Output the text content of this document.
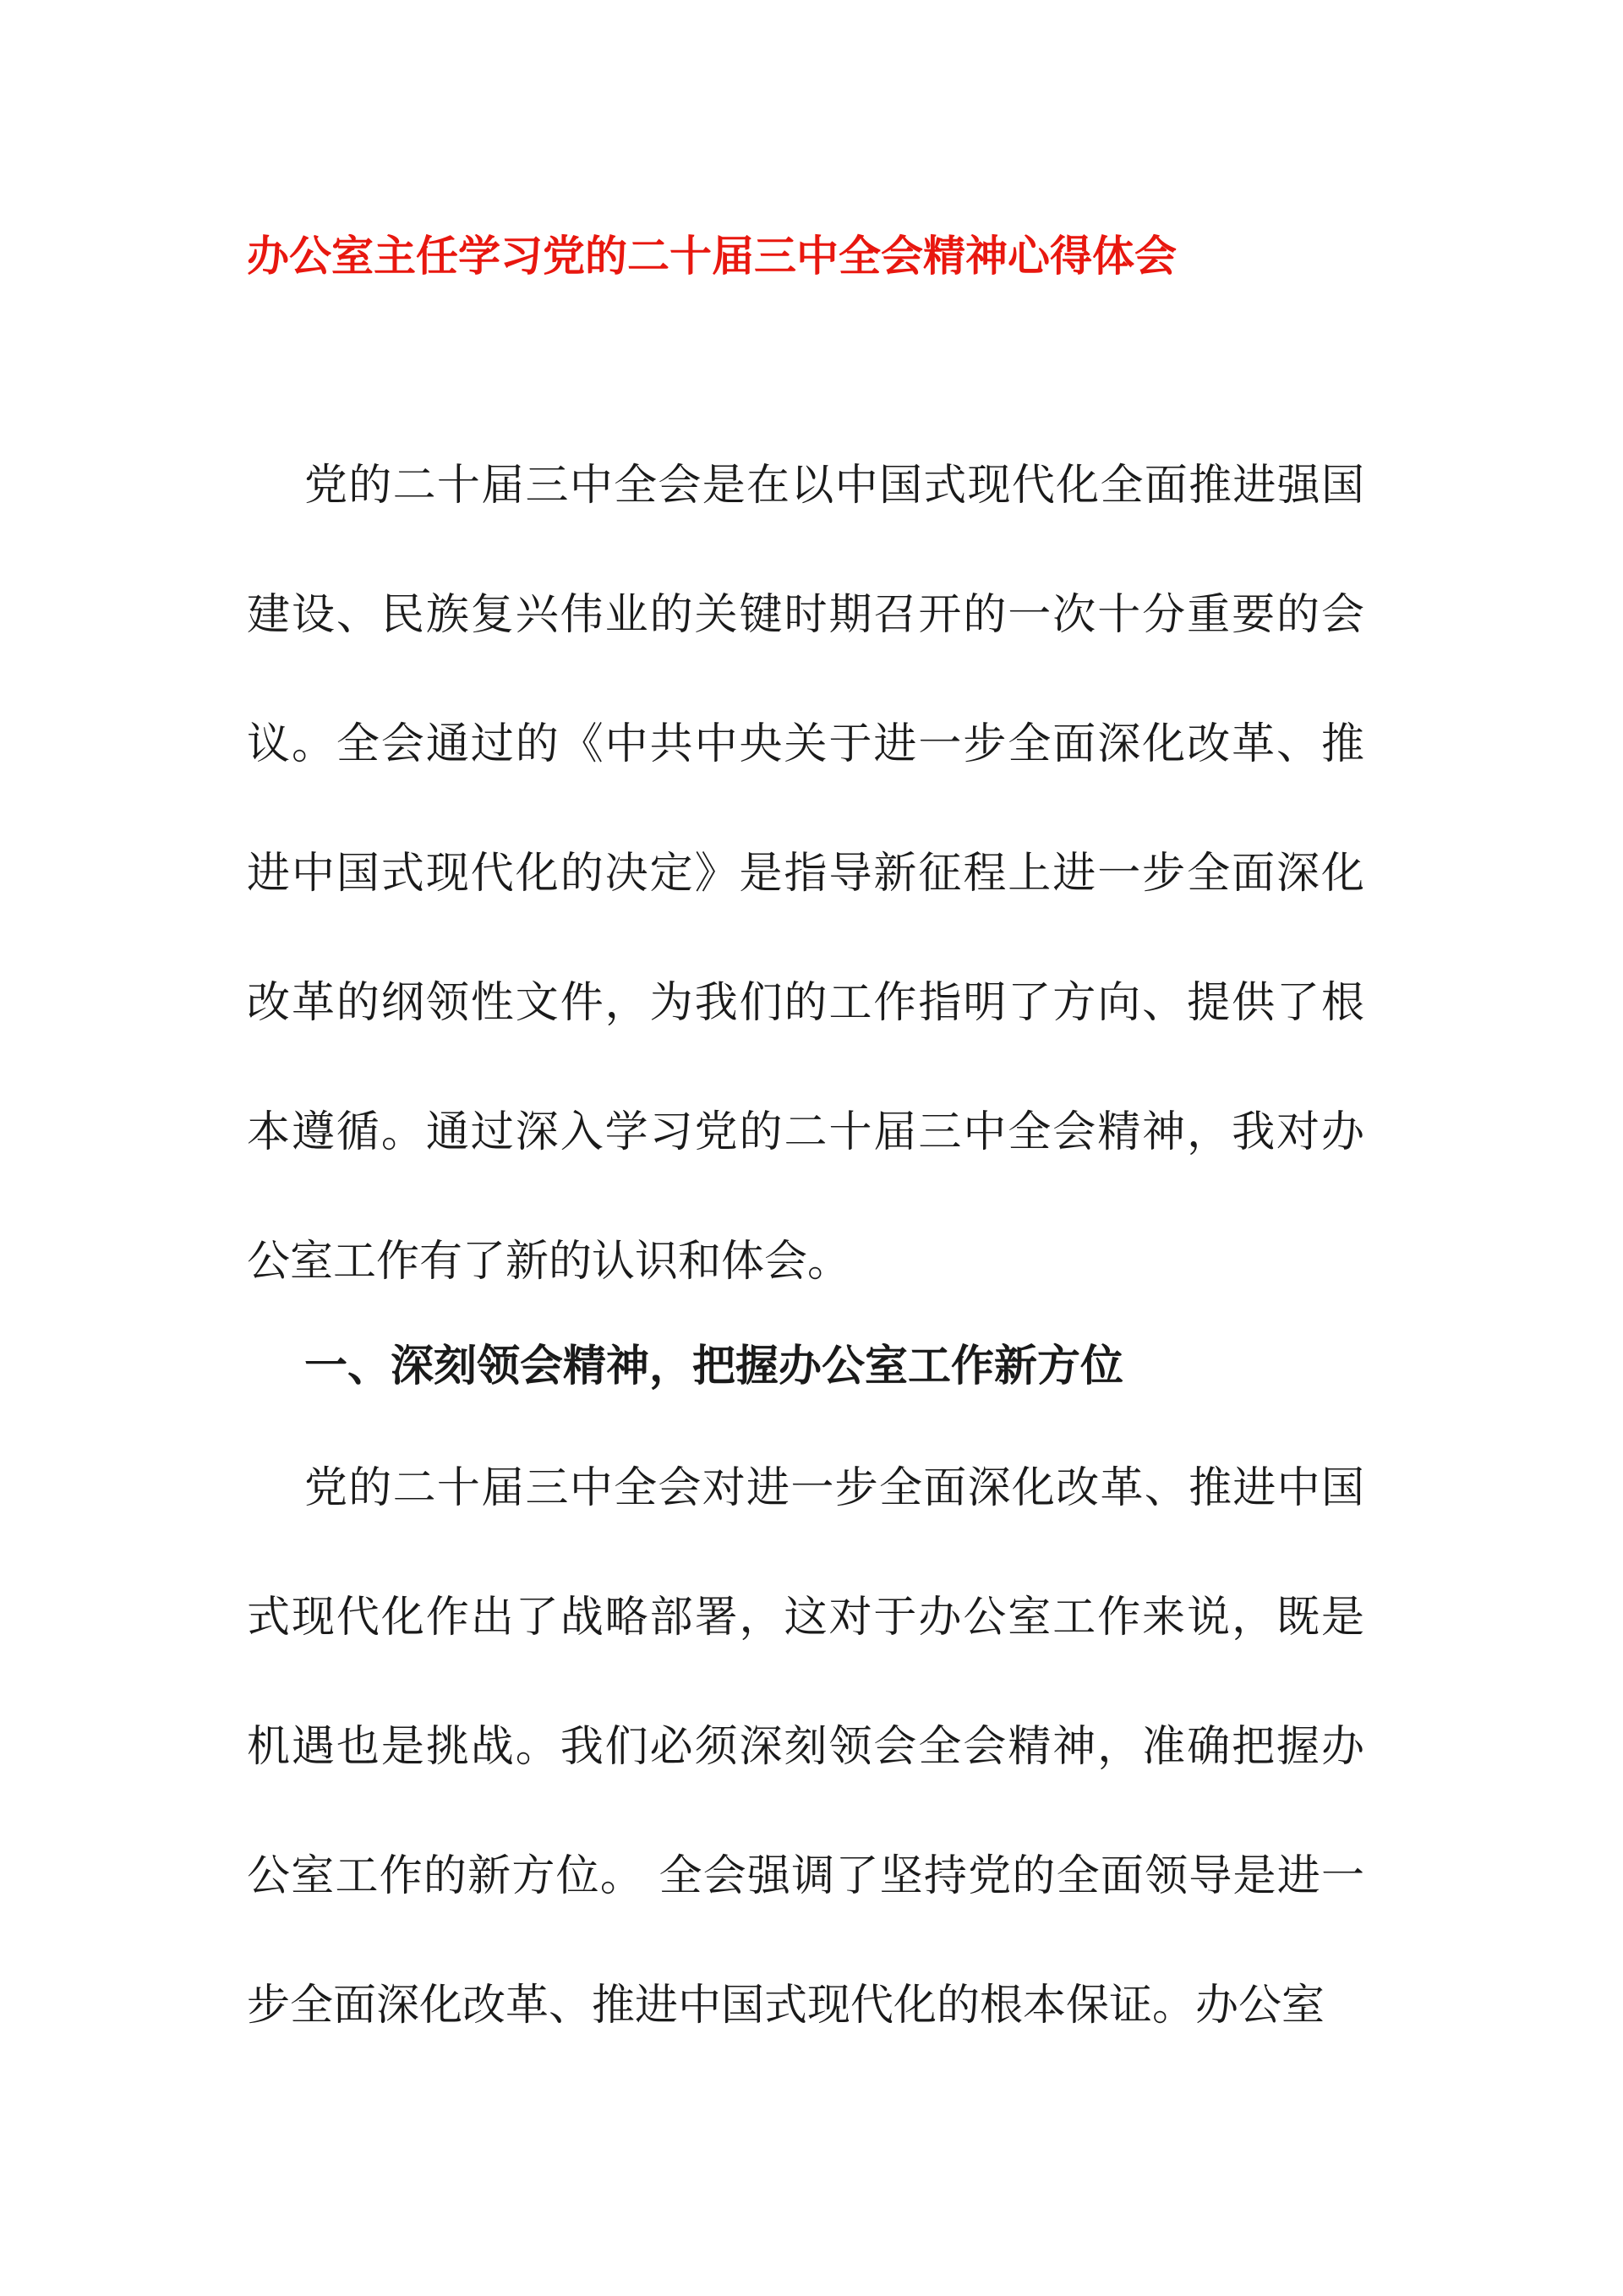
办公室主任学习党的二十届三中全会精神心得体会

党的二十届三中全会是在以中国式现代化全面推进强国建设、民族复兴伟业的关键时期召开的一次十分重要的会议。全会通过的《中共中央关于进一步全面深化改革、推进中国式现代化的决定》是指导新征程上进一步全面深化改革的纲领性文件，为我们的工作指明了方向、提供了根本遵循。通过深入学习党的二十届三中全会精神，我对办公室工作有了新的认识和体会。

一、深刻领会精神，把握办公室工作新方位

党的二十届三中全会对进一步全面深化改革、推进中国式现代化作出了战略部署，这对于办公室工作来说，既是机遇也是挑战。我们必须深刻领会全会精神，准确把握办公室工作的新方位。 全会强调了坚持党的全面领导是进一步全面深化改革、推进中国式现代化的根本保证。办公室
